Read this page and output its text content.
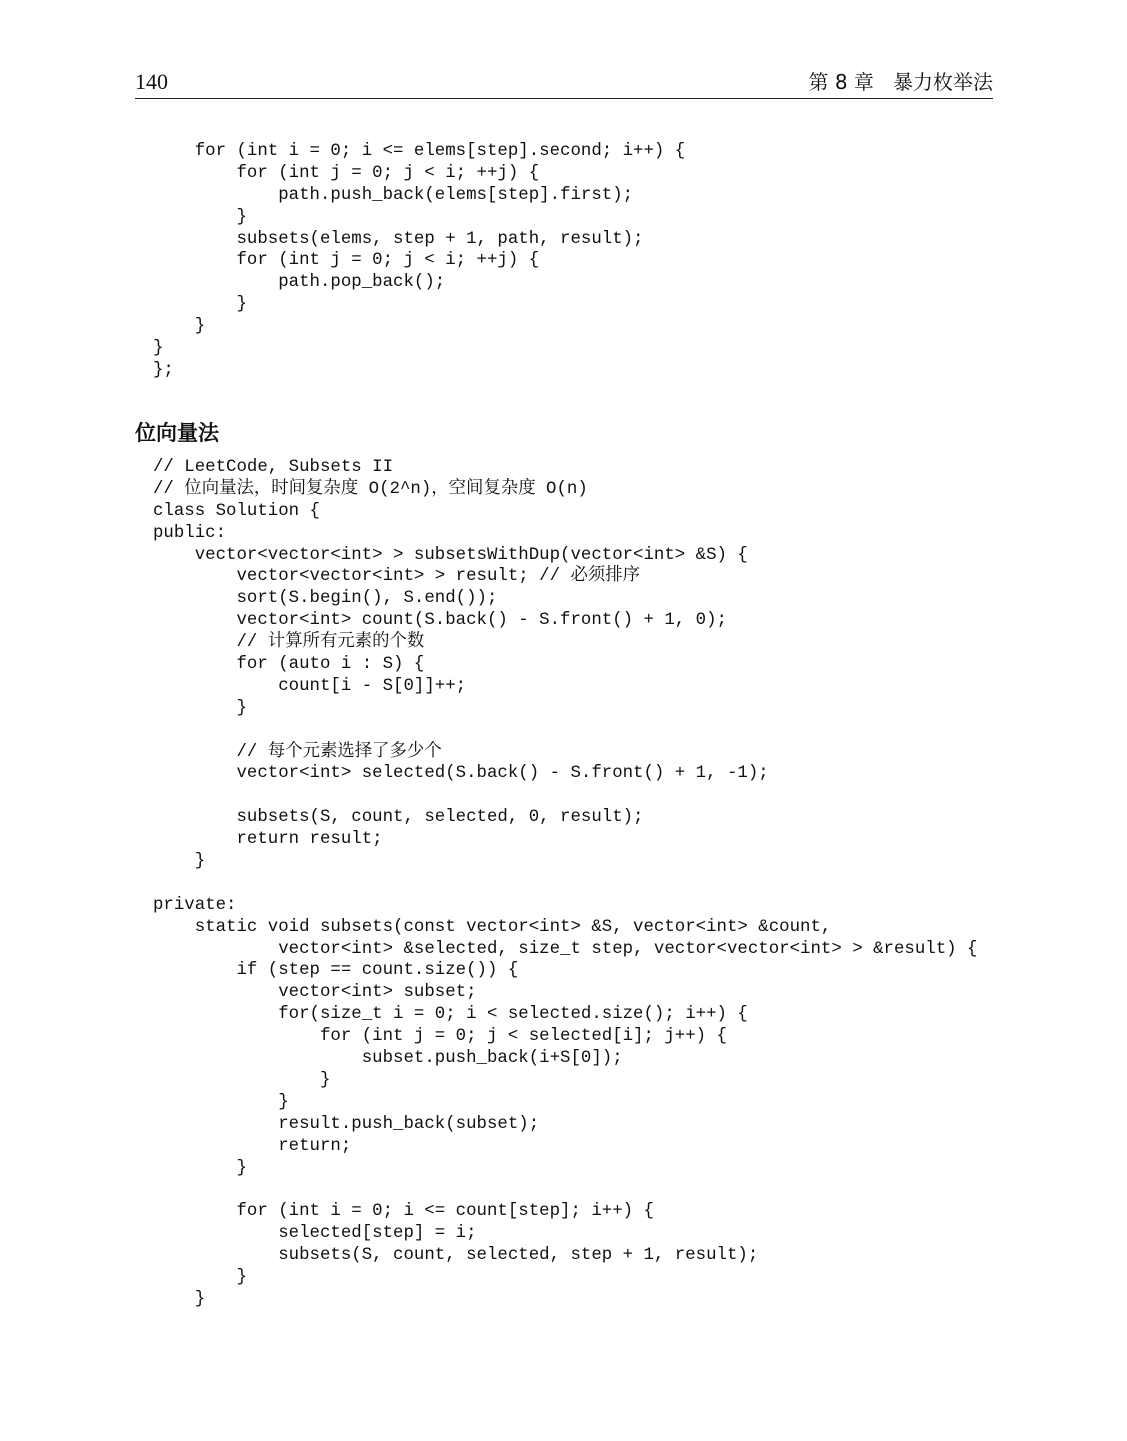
140	第 8 章   暴力枚举法
for (int i = 0; i <= elems[step].second; i++) {
for (int j = 0; j < i; ++j) {
path.push_back(elems[step].first);
}
subsets(elems, step + 1, path, result);
for (int j = 0; j < i; ++j) {
path.pop_back();
}
}
}
};
位向量法
// LeetCode, Subsets II
// 位向量法，时间复杂度 O(2^n)，空间复杂度 O(n)
class Solution {
public:
vector<vector<int> > subsetsWithDup(vector<int> &S) {
vector<vector<int> > result; // 必须排序
sort(S.begin(), S.end());
vector<int> count(S.back() - S.front() + 1, 0);
// 计算所有元素的个数
for (auto i : S) {
count[i - S[0]]++;
}
// 每个元素选择了多少个
vector<int> selected(S.back() - S.front() + 1, -1);
subsets(S, count, selected, 0, result);
return result;
}
private:
static void subsets(const vector<int> &S, vector<int> &count,
vector<int> &selected, size_t step, vector<vector<int> > &result) {
if (step == count.size()) {
vector<int> subset;
for(size_t i = 0; i < selected.size(); i++) {
for (int j = 0; j < selected[i]; j++) {
subset.push_back(i+S[0]);
}
}
result.push_back(subset);
return;
}
for (int i = 0; i <= count[step]; i++) {
selected[step] = i;
subsets(S, count, selected, step + 1, result);
}
}
